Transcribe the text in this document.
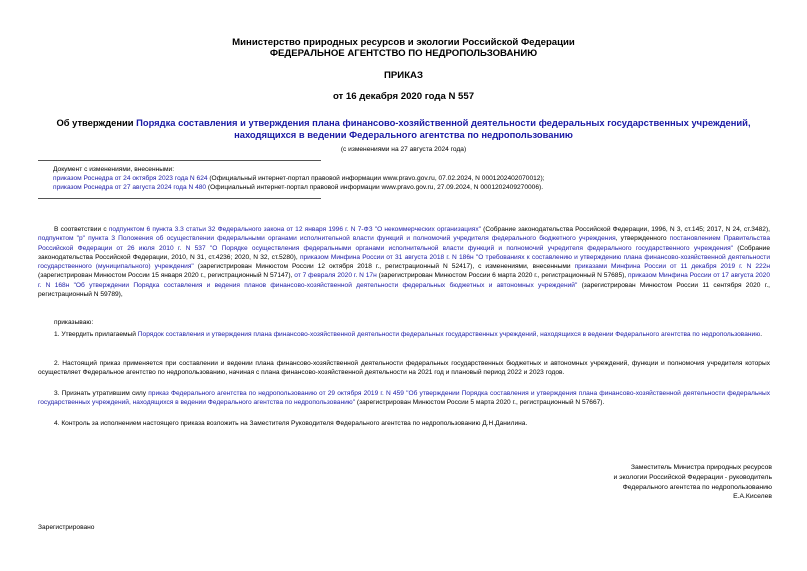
Министерство природных ресурсов и экологии Российской Федерации
ФЕДЕРАЛЬНОЕ АГЕНТСТВО ПО НЕДРОПОЛЬЗОВАНИЮ
ПРИКАЗ
от 16 декабря 2020 года N 557
Об утверждении Порядка составления и утверждения плана финансово-хозяйственной деятельности федеральных государственных учреждений, находящихся в ведении Федерального агентства по недропользованию
(с изменениями на 27 августа 2024 года)
Документ с изменениями, внесенными:
приказом Роснедра от 24 октября 2023 года N 624 (Официальный интернет-портал правовой информации www.pravo.gov.ru, 07.02.2024, N 0001202402070012);
приказом Роснедра от 27 августа 2024 года N 480 (Официальный интернет-портал правовой информации www.pravo.gov.ru, 27.09.2024, N 0001202409270006).
В соответствии с подпунктом 6 пункта 3.3 статьи 32 Федерального закона от 12 января 1996 г. N 7-ФЗ "О некоммерческих организациях" (Собрание законодательства Российской Федерации, 1996, N 3, ст.145; 2017, N 24, ст.3482), подпунктом "р" пункта 3 Положения об осуществлении федеральными органами исполнительной власти функций и полномочий учредителя федерального бюджетного учреждения, утвержденного постановлением Правительства Российской Федерации от 26 июля 2010 г. N 537 "О Порядке осуществления федеральными органами исполнительной власти функций и полномочий учредителя федерального государственного учреждения" (Собрание законодательства Российской Федерации, 2010, N 31, ст.4236; 2020, N 32, ст.5280), приказом Минфина России от 31 августа 2018 г. N 186н "О требованиях к составлению и утверждению плана финансово-хозяйственной деятельности государственного (муниципального) учреждения" (зарегистрирован Минюстом России 12 октября 2018 г., регистрационный N 52417), с изменениями, внесенными приказами Минфина России от 11 декабря 2019 г. N 222н (зарегистрирован Минюстом России 15 января 2020 г., регистрационный N 57147), от 7 февраля 2020 г. N 17н (зарегистрирован Минюстом России 6 марта 2020 г., регистрационный N 57685), приказом Минфина России от 17 августа 2020 г. N 168н "Об утверждении Порядка составления и ведения планов финансово-хозяйственной деятельности федеральных бюджетных и автономных учреждений" (зарегистрирован Минюстом России 11 сентября 2020 г., регистрационный N 59789),
приказываю:
1. Утвердить прилагаемый Порядок составления и утверждения плана финансово-хозяйственной деятельности федеральных государственных учреждений, находящихся в ведении Федерального агентства по недропользованию.
2. Настоящий приказ применяется при составлении и ведении плана финансово-хозяйственной деятельности федеральных государственных бюджетных и автономных учреждений, функции и полномочия учредителя которых осуществляет Федеральное агентство по недропользованию, начиная с плана финансово-хозяйственной деятельности на 2021 год и плановый период 2022 и 2023 годов.
3. Признать утратившим силу приказ Федерального агентства по недропользованию от 29 октября 2019 г. N 459 "Об утверждении Порядка составления и утверждения плана финансово-хозяйственной деятельности федеральных государственных учреждений, находящихся в ведении Федерального агентства по недропользованию" (зарегистрирован Минюстом России 5 марта 2020 г., регистрационный N 57667).
4. Контроль за исполнением настоящего приказа возложить на Заместителя Руководителя Федерального агентства по недропользованию Д.Н.Данилина.
Заместитель Министра природных ресурсов
и экологии Российской Федерации - руководитель
Федерального агентства по недропользованию
Е.А.Киселев
Зарегистрировано
